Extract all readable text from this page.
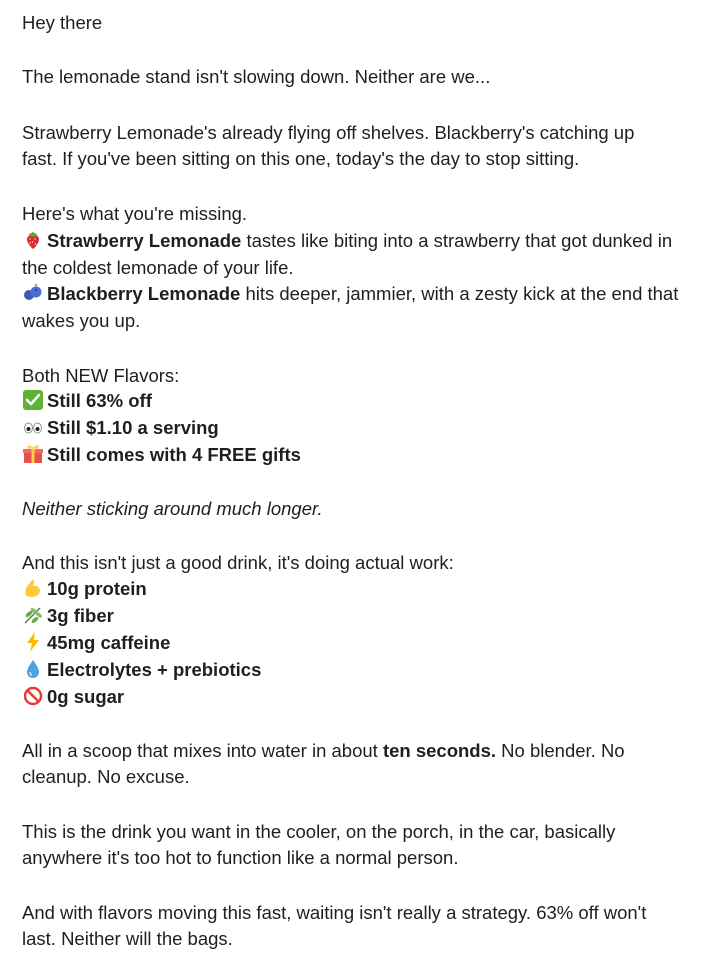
Hey there
The lemonade stand isn't slowing down. Neither are we...
Strawberry Lemonade's already flying off shelves. Blackberry's catching up
fast. If you've been sitting on this one, today's the day to stop sitting.
Here's what you're missing.
Strawberry Lemonade tastes like biting into a strawberry that got dunked in
the coldest lemonade of your life.
Blackberry Lemonade hits deeper, jammier, with a zesty kick at the end that
wakes you up.
Both NEW Flavors:
Still 63% off
Still $1.10 a serving
Still comes with 4 FREE gifts
Neither sticking around much longer.
And this isn't just a good drink, it's doing actual work:
10g protein
3g fiber
45mg caffeine
Electrolytes + prebiotics
0g sugar
All in a scoop that mixes into water in about ten seconds. No blender. No
cleanup. No excuse.
This is the drink you want in the cooler, on the porch, in the car, basically
anywhere it's too hot to function like a normal person.
And with flavors moving this fast, waiting isn't really a strategy. 63% off won't
last. Neither will the bags.
